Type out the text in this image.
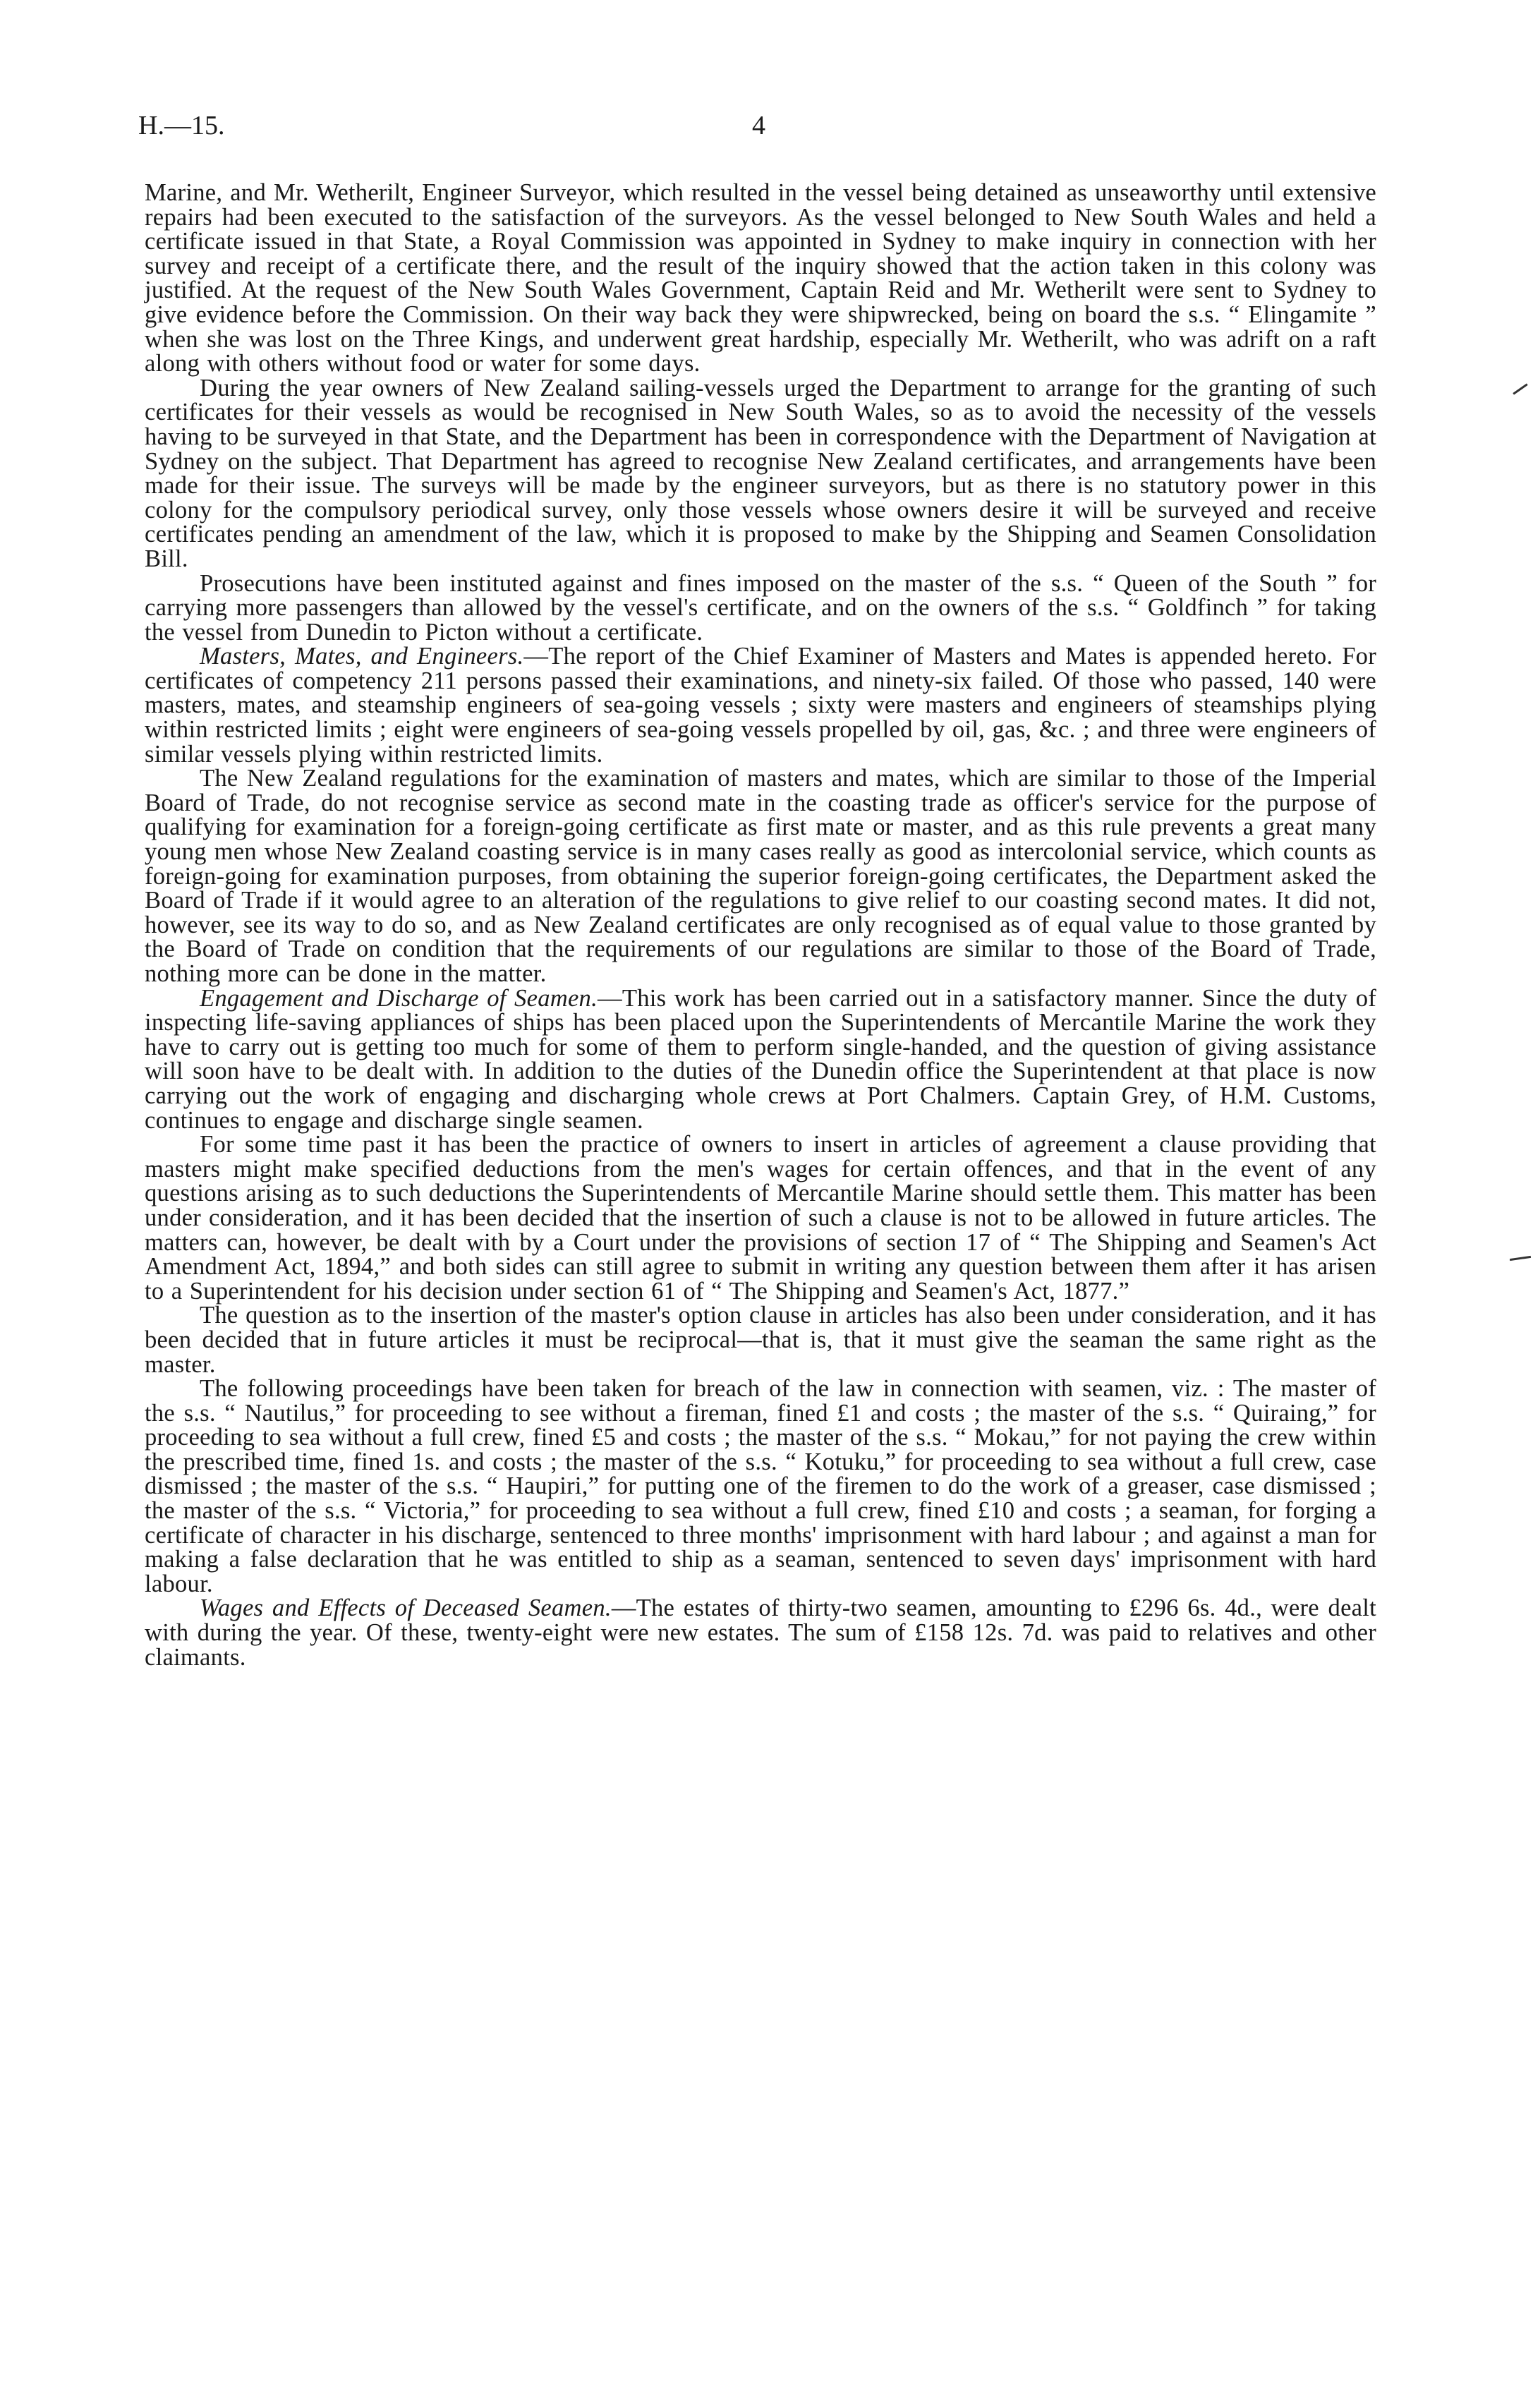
H.—15.	4

Marine, and Mr. Wetherilt, Engineer Surveyor, which resulted in the vessel being detained as unseaworthy until extensive repairs had been executed to the satisfaction of the surveyors. As the vessel belonged to New South Wales and held a certificate issued in that State, a Royal Commission was appointed in Sydney to make inquiry in connection with her survey and receipt of a certificate there, and the result of the inquiry showed that the action taken in this colony was justified. At the request of the New South Wales Government, Captain Reid and Mr. Wetherilt were sent to Sydney to give evidence before the Commission. On their way back they were shipwrecked, being on board the s.s. “ Elingamite ” when she was lost on the Three Kings, and underwent great hardship, especially Mr. Wetherilt, who was adrift on a raft along with others without food or water for some days.

During the year owners of New Zealand sailing-vessels urged the Department to arrange for the granting of such certificates for their vessels as would be recognised in New South Wales, so as to avoid the necessity of the vessels having to be surveyed in that State, and the Department has been in correspondence with the Department of Navigation at Sydney on the subject. That Department has agreed to recognise New Zealand certificates, and arrangements have been made for their issue. The surveys will be made by the engineer surveyors, but as there is no statutory power in this colony for the compulsory periodical survey, only those vessels whose owners desire it will be surveyed and receive certificates pending an amendment of the law, which it is proposed to make by the Shipping and Seamen Consolidation Bill.

Prosecutions have been instituted against and fines imposed on the master of the s.s. “ Queen of the South ” for carrying more passengers than allowed by the vessel's certificate, and on the owners of the s.s. “ Goldfinch ” for taking the vessel from Dunedin to Picton without a certificate.

Masters, Mates, and Engineers.—The report of the Chief Examiner of Masters and Mates is appended hereto. For certificates of competency 211 persons passed their examinations, and ninety-six failed. Of those who passed, 140 were masters, mates, and steamship engineers of sea-going vessels ; sixty were masters and engineers of steamships plying within restricted limits ; eight were engineers of sea-going vessels propelled by oil, gas, &c. ; and three were engineers of similar vessels plying within restricted limits.

The New Zealand regulations for the examination of masters and mates, which are similar to those of the Imperial Board of Trade, do not recognise service as second mate in the coasting trade as officer's service for the purpose of qualifying for examination for a foreign-going certificate as first mate or master, and as this rule prevents a great many young men whose New Zealand coasting service is in many cases really as good as intercolonial service, which counts as foreign-going for examination purposes, from obtaining the superior foreign-going certificates, the Department asked the Board of Trade if it would agree to an alteration of the regulations to give relief to our coasting second mates. It did not, however, see its way to do so, and as New Zealand certificates are only recognised as of equal value to those granted by the Board of Trade on condition that the requirements of our regulations are similar to those of the Board of Trade, nothing more can be done in the matter.

Engagement and Discharge of Seamen.—This work has been carried out in a satisfactory manner. Since the duty of inspecting life-saving appliances of ships has been placed upon the Superintendents of Mercantile Marine the work they have to carry out is getting too much for some of them to perform single-handed, and the question of giving assistance will soon have to be dealt with. In addition to the duties of the Dunedin office the Superintendent at that place is now carrying out the work of engaging and discharging whole crews at Port Chalmers. Captain Grey, of H.M. Customs, continues to engage and discharge single seamen.

For some time past it has been the practice of owners to insert in articles of agreement a clause providing that masters might make specified deductions from the men's wages for certain offences, and that in the event of any questions arising as to such deductions the Superintendents of Mercantile Marine should settle them. This matter has been under consideration, and it has been decided that the insertion of such a clause is not to be allowed in future articles. The matters can, however, be dealt with by a Court under the provisions of section 17 of “ The Shipping and Seamen's Act Amendment Act, 1894,” and both sides can still agree to submit in writing any question between them after it has arisen to a Superintendent for his decision under section 61 of “ The Shipping and Seamen's Act, 1877.”

The question as to the insertion of the master's option clause in articles has also been under consideration, and it has been decided that in future articles it must be reciprocal—that is, that it must give the seaman the same right as the master.

The following proceedings have been taken for breach of the law in connection with seamen, viz. : The master of the s.s. “ Nautilus,” for proceeding to see without a fireman, fined £1 and costs ; the master of the s.s. “ Quiraing,” for proceeding to sea without a full crew, fined £5 and costs ; the master of the s.s. “ Mokau,” for not paying the crew within the prescribed time, fined 1s. and costs ; the master of the s.s. “ Kotuku,” for proceeding to sea without a full crew, case dismissed ; the master of the s.s. “ Haupiri,” for putting one of the firemen to do the work of a greaser, case dismissed ; the master of the s.s. “ Victoria,” for proceeding to sea without a full crew, fined £10 and costs ; a seaman, for forging a certificate of character in his discharge, sentenced to three months' imprisonment with hard labour ; and against a man for making a false declaration that he was entitled to ship as a seaman, sentenced to seven days' imprisonment with hard labour.

Wages and Effects of Deceased Seamen.—The estates of thirty-two seamen, amounting to £296 6s. 4d., were dealt with during the year. Of these, twenty-eight were new estates. The sum of £158 12s. 7d. was paid to relatives and other claimants.
